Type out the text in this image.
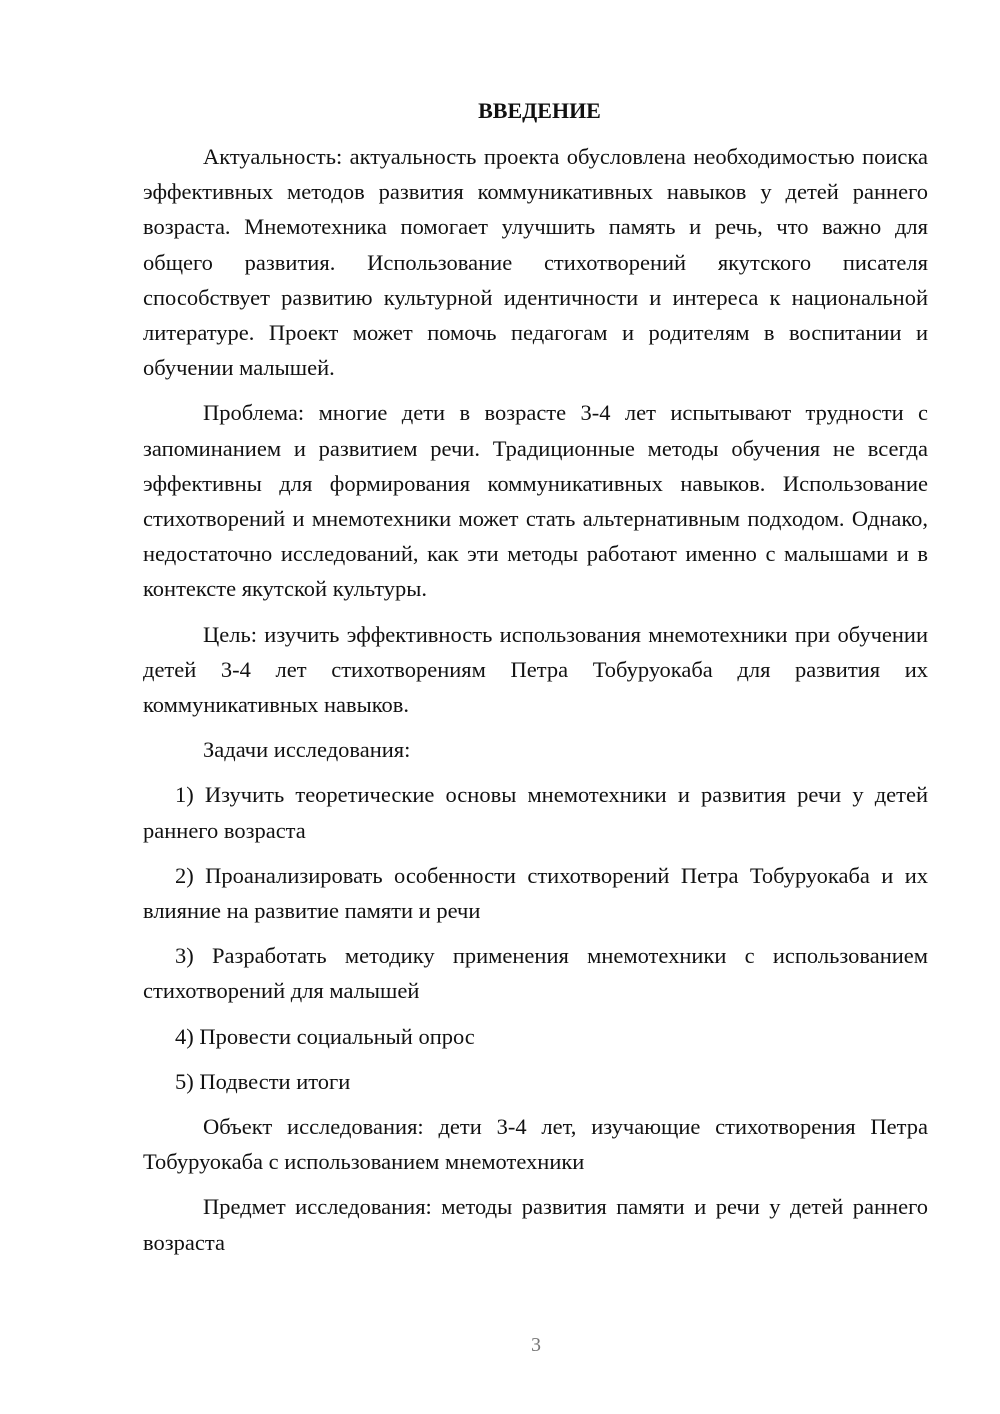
ВВЕДЕНИЕ

Актуальность: актуальность проекта обусловлена необходимостью поиска эффективных методов развития коммуникативных навыков у детей раннего возраста. Мнемотехника помогает улучшить память и речь, что важно для общего развития. Использование стихотворений якутского писателя способствует развитию культурной идентичности и интереса к национальной литературе. Проект может помочь педагогам и родителям в воспитании и обучении малышей.

Проблема: многие дети в возрасте 3-4 лет испытывают трудности с запоминанием и развитием речи. Традиционные методы обучения не всегда эффективны для формирования коммуникативных навыков. Использование стихотворений и мнемотехники может стать альтернативным подходом. Однако, недостаточно исследований, как эти методы работают именно с малышами и в контексте якутской культуры.

Цель: изучить эффективность использования мнемотехники при обучении детей 3-4 лет стихотворениям Петра Тобуруокаба для развития их коммуникативных навыков.

Задачи исследования:

1) Изучить теоретические основы мнемотехники и развития речи у детей раннего возраста

2) Проанализировать особенности стихотворений Петра Тобуруокаба и их влияние на развитие памяти и речи

3) Разработать методику применения мнемотехники с использованием стихотворений для малышей

4) Провести социальный опрос

5) Подвести итоги

Объект исследования: дети 3-4 лет, изучающие стихотворения Петра Тобуруокаба с использованием мнемотехники

Предмет исследования: методы развития памяти и речи у детей раннего возраста

3
